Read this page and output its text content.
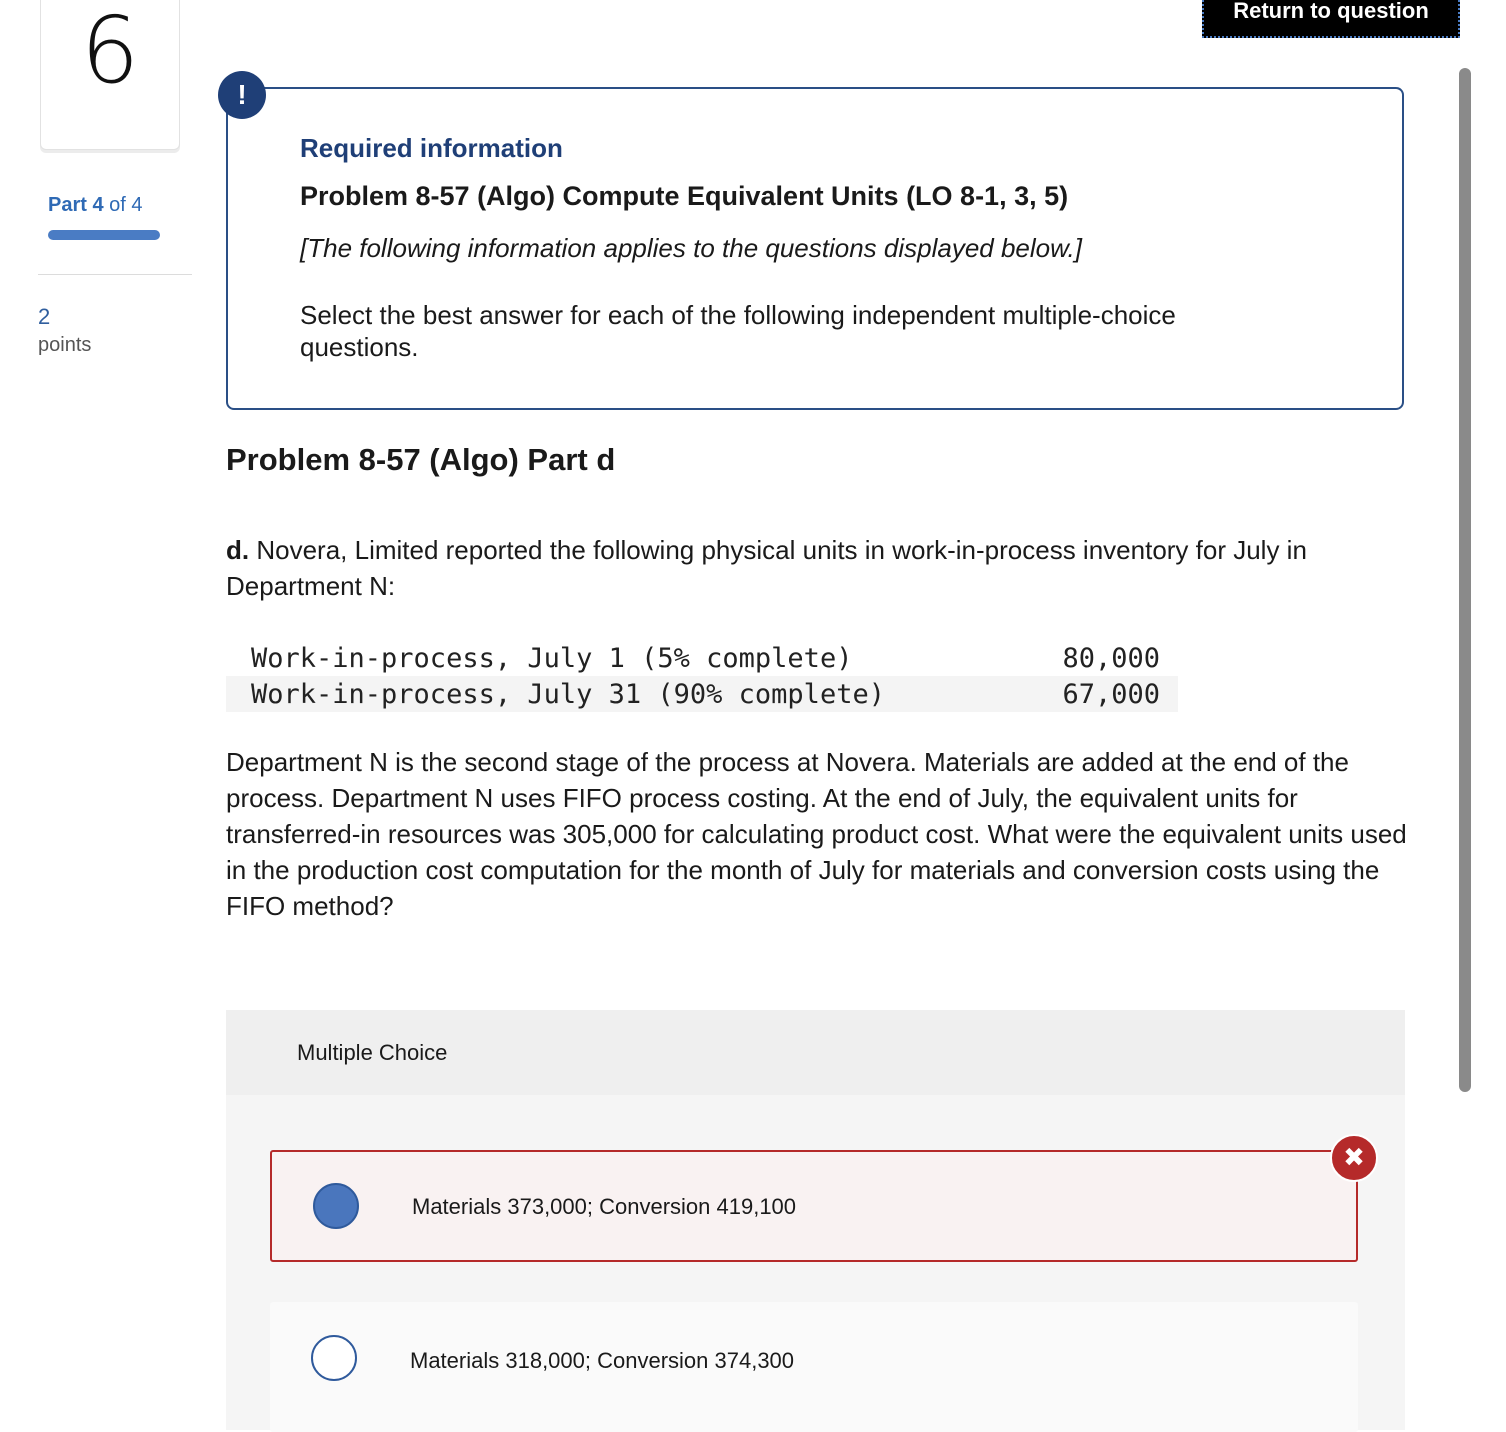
6
Part 4 of 4
2
points
Return to question
!
Required information
Problem 8-57 (Algo) Compute Equivalent Units (LO 8-1, 3, 5)
[The following information applies to the questions displayed below.]
Select the best answer for each of the following independent multiple-choice questions.
Problem 8-57 (Algo) Part d
d. Novera, Limited reported the following physical units in work-in-process inventory for July in Department N:
Work-in-process, July 1 (5% complete)	80,000
Work-in-process, July 31 (90% complete)	67,000
Department N is the second stage of the process at Novera. Materials are added at the end of the process. Department N uses FIFO process costing. At the end of July, the equivalent units for transferred-in resources was 305,000 for calculating product cost. What were the equivalent units used in the production cost computation for the month of July for materials and conversion costs using the FIFO method?
Multiple Choice
Materials 373,000; Conversion 419,100
✖
Materials 318,000; Conversion 374,300
